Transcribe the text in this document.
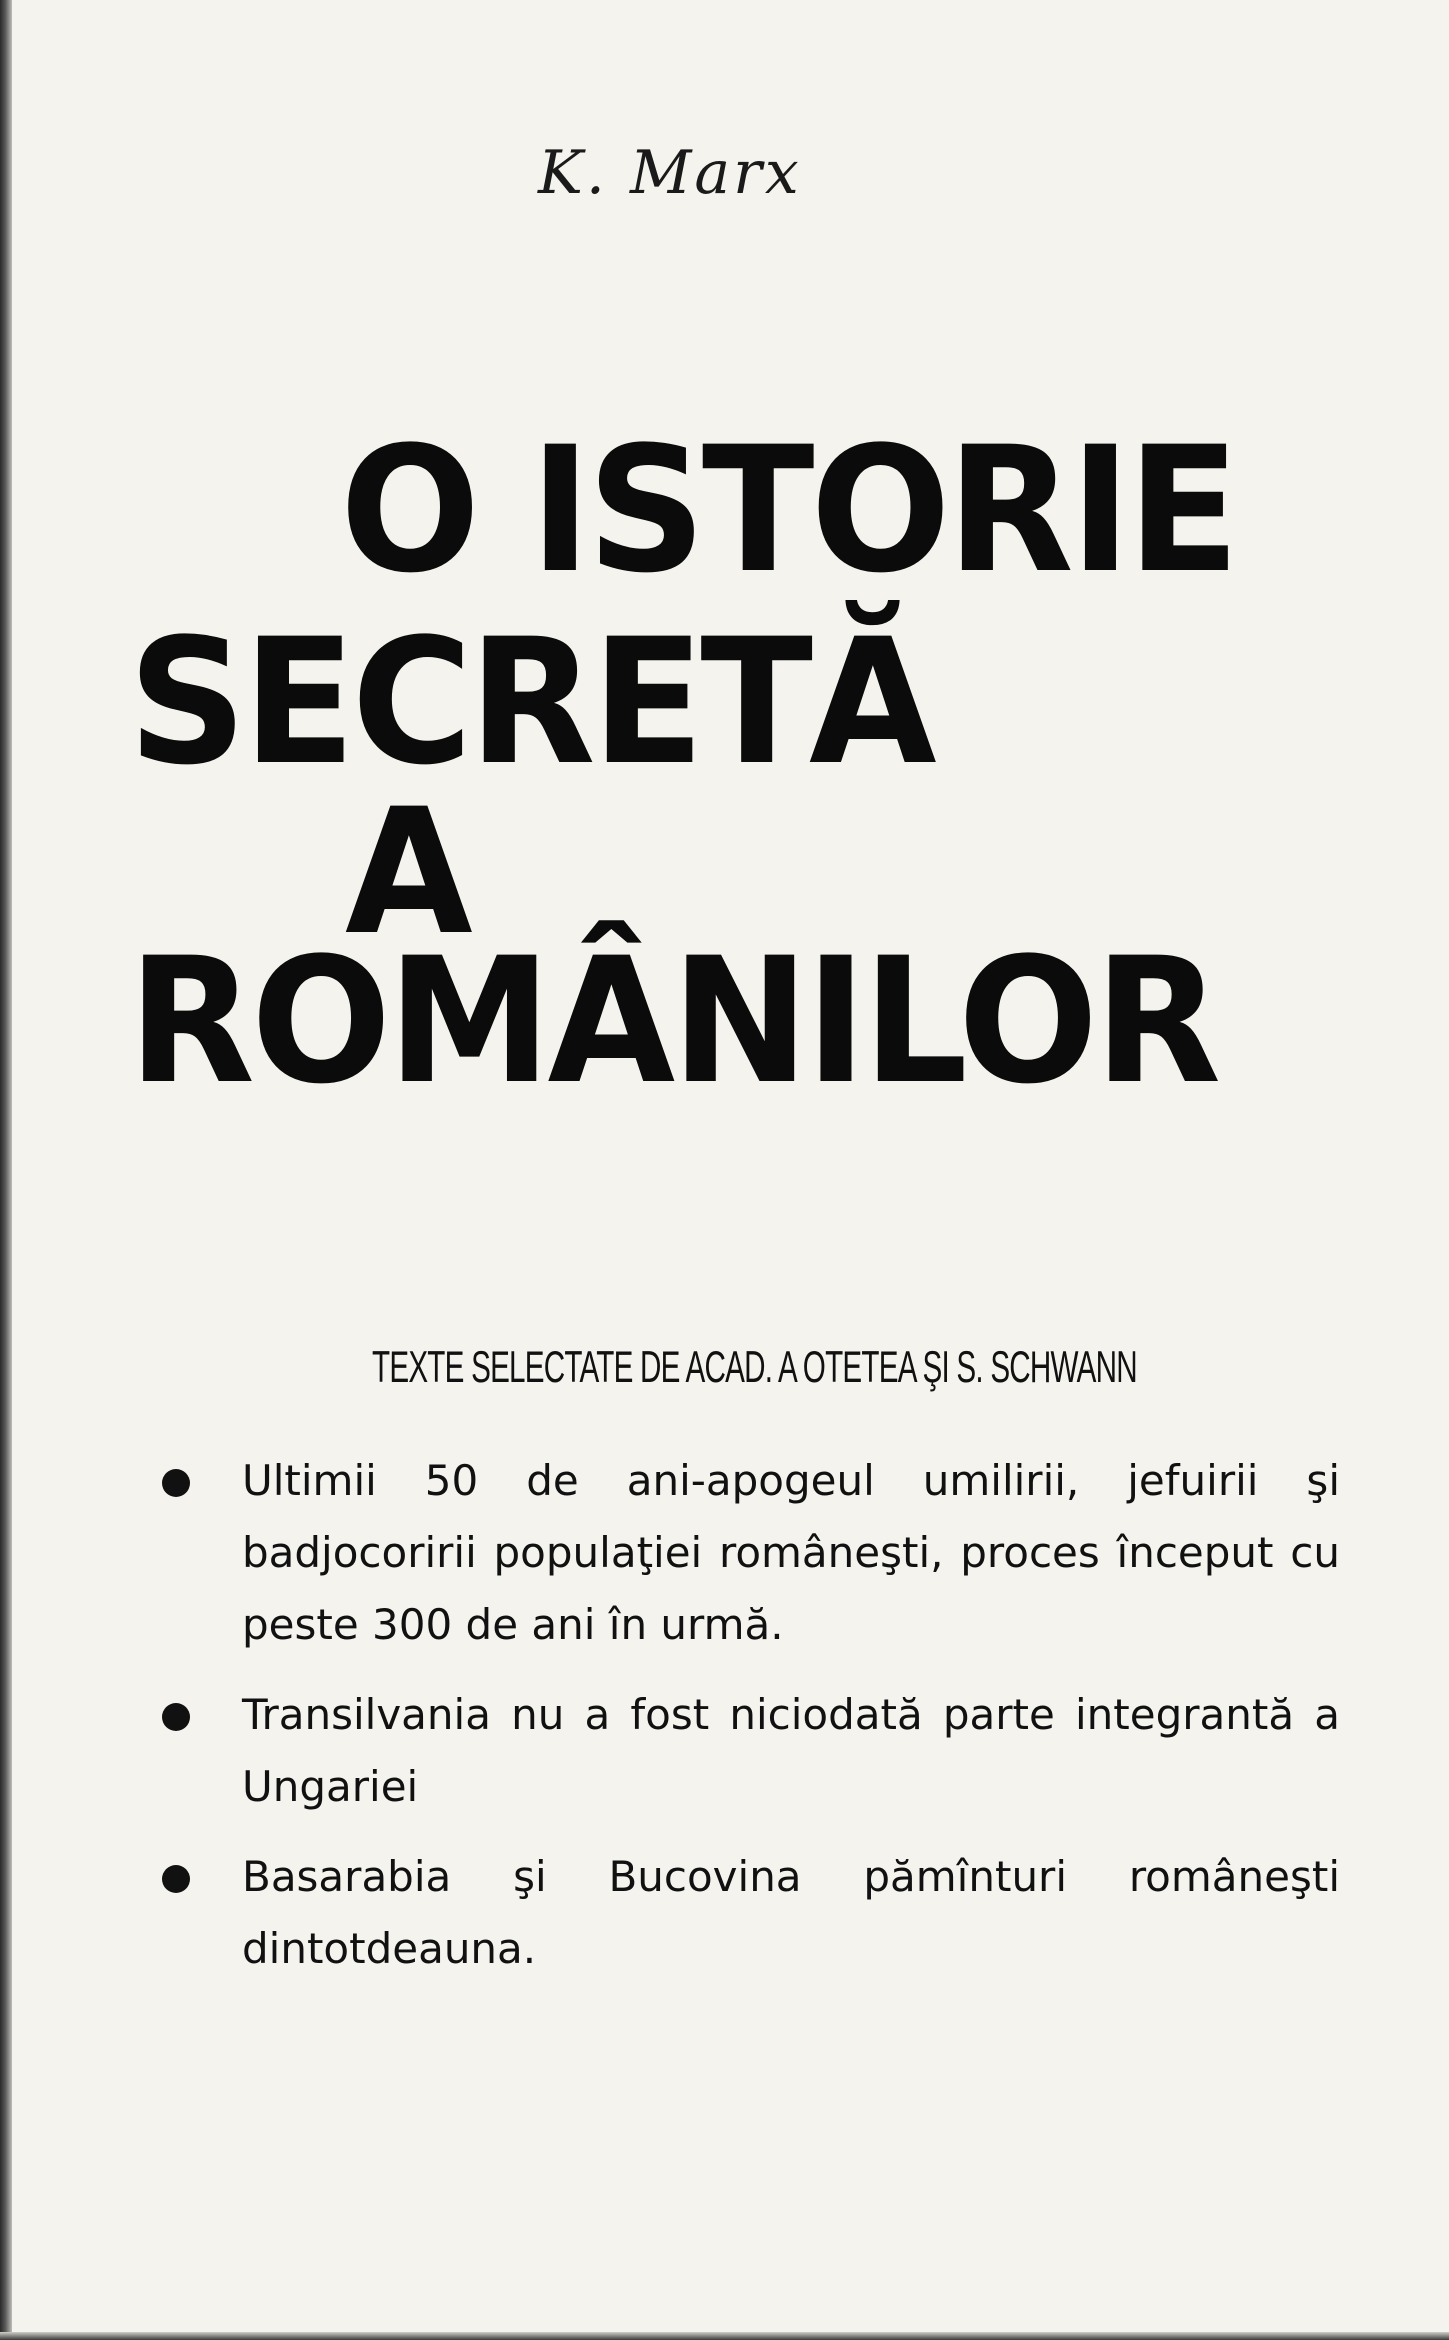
K. Marx
O ISTORIE
SECRETĂ
A
ROMÂNILOR
TEXTE SELECTATE DE ACAD. A OTETEA ŞI S. SCHWANN
Ultimii 50 de ani-apogeul umilirii, jefuirii şi badjocoririi populaţiei româneşti, proces început cu peste 300 de ani în urmă.
Transilvania nu a fost niciodată parte integrantă a Ungariei
Basarabia şi Bucovina pămînturi româneşti dintotdeauna.
